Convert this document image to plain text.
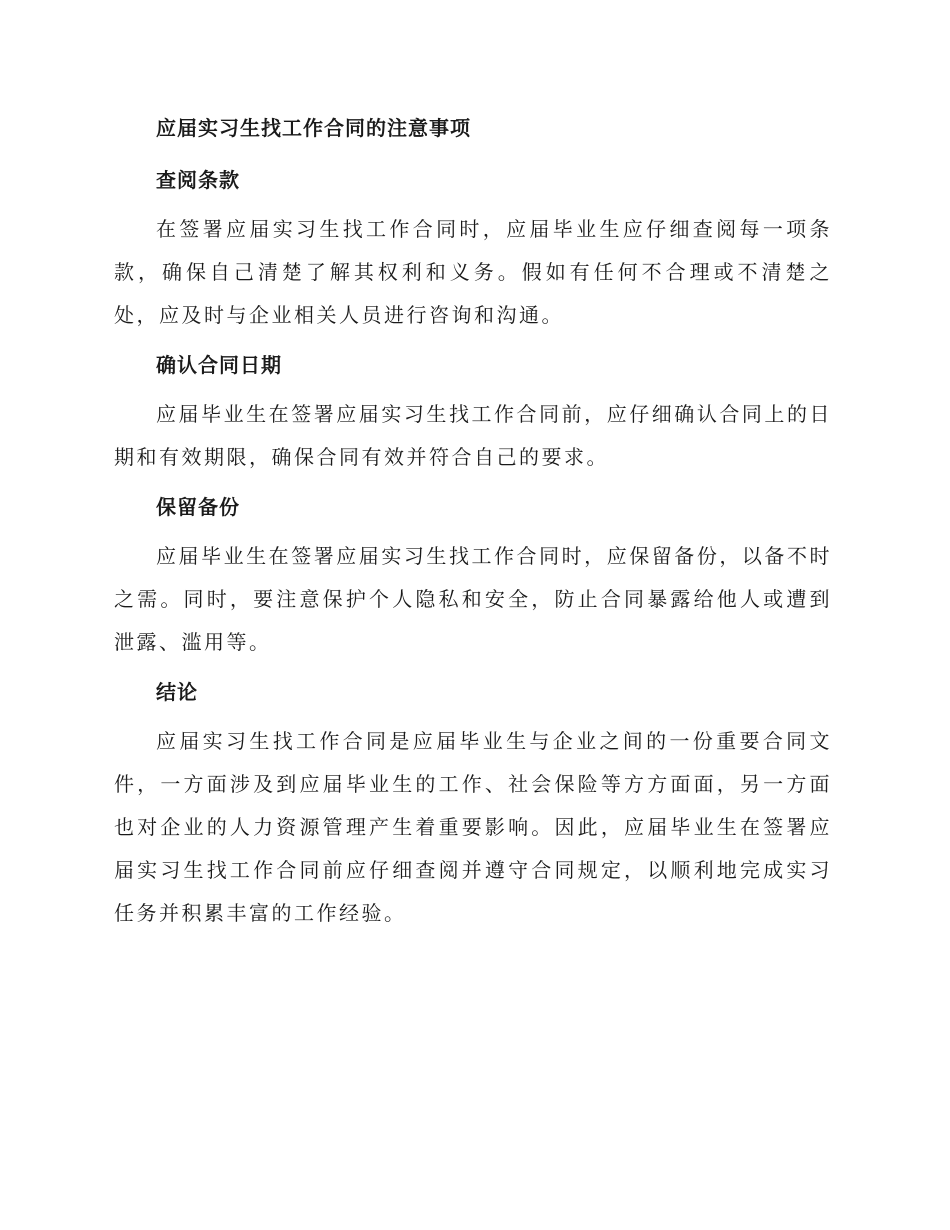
应届实习生找工作合同的注意事项
查阅条款

在签署应届实习生找工作合同时，应届毕业生应仔细查阅每一项条款，确保自己清楚了解其权利和义务。假如有任何不合理或不清楚之处，应及时与企业相关人员进行咨询和沟通。

确认合同日期

应届毕业生在签署应届实习生找工作合同前，应仔细确认合同上的日期和有效期限，确保合同有效并符合自己的要求。

保留备份

应届毕业生在签署应届实习生找工作合同时，应保留备份，以备不时之需。同时，要注意保护个人隐私和安全，防止合同暴露给他人或遭到泄露、滥用等。

结论

应届实习生找工作合同是应届毕业生与企业之间的一份重要合同文件，一方面涉及到应届毕业生的工作、社会保险等方方面面，另一方面也对企业的人力资源管理产生着重要影响。因此，应届毕业生在签署应届实习生找工作合同前应仔细查阅并遵守合同规定，以顺利地完成实习任务并积累丰富的工作经验。
